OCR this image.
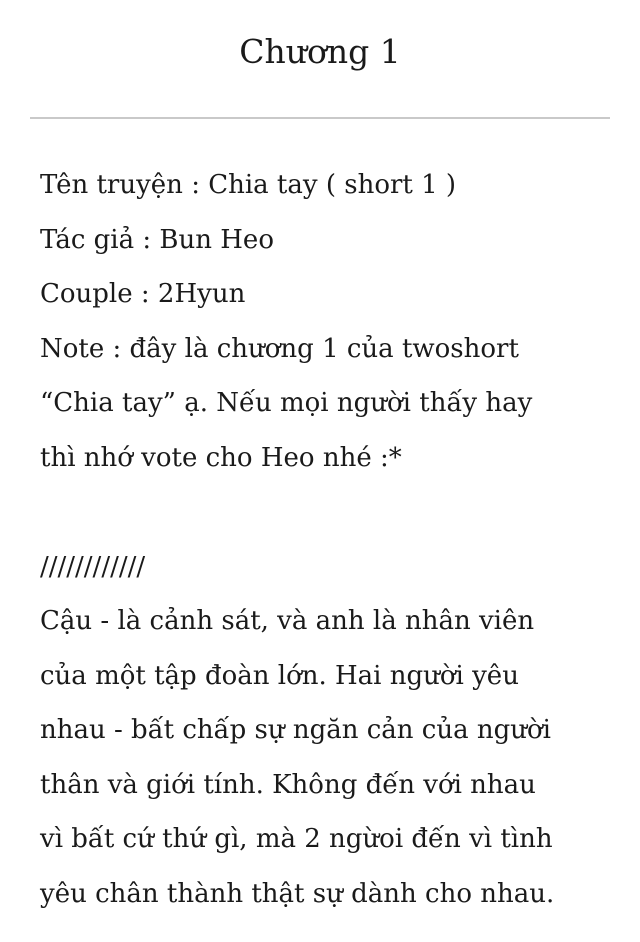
Chương 1
Tên truyện : Chia tay ( short 1 )
Tác giả : Bun Heo
Couple : 2Hyun
Note : đây là chương 1 của twoshort
“Chia tay” ạ. Nếu mọi người thấy hay
thì nhớ vote cho Heo nhé :*
////////////
Cậu - là cảnh sát, và anh là nhân viên
của một tập đoàn lớn. Hai người yêu
nhau - bất chấp sự ngăn cản của người
thân và giới tính. Không đến với nhau
vì bất cứ thứ gì, mà 2 ngừoi đến vì tình
yêu chân thành thật sự dành cho nhau.
